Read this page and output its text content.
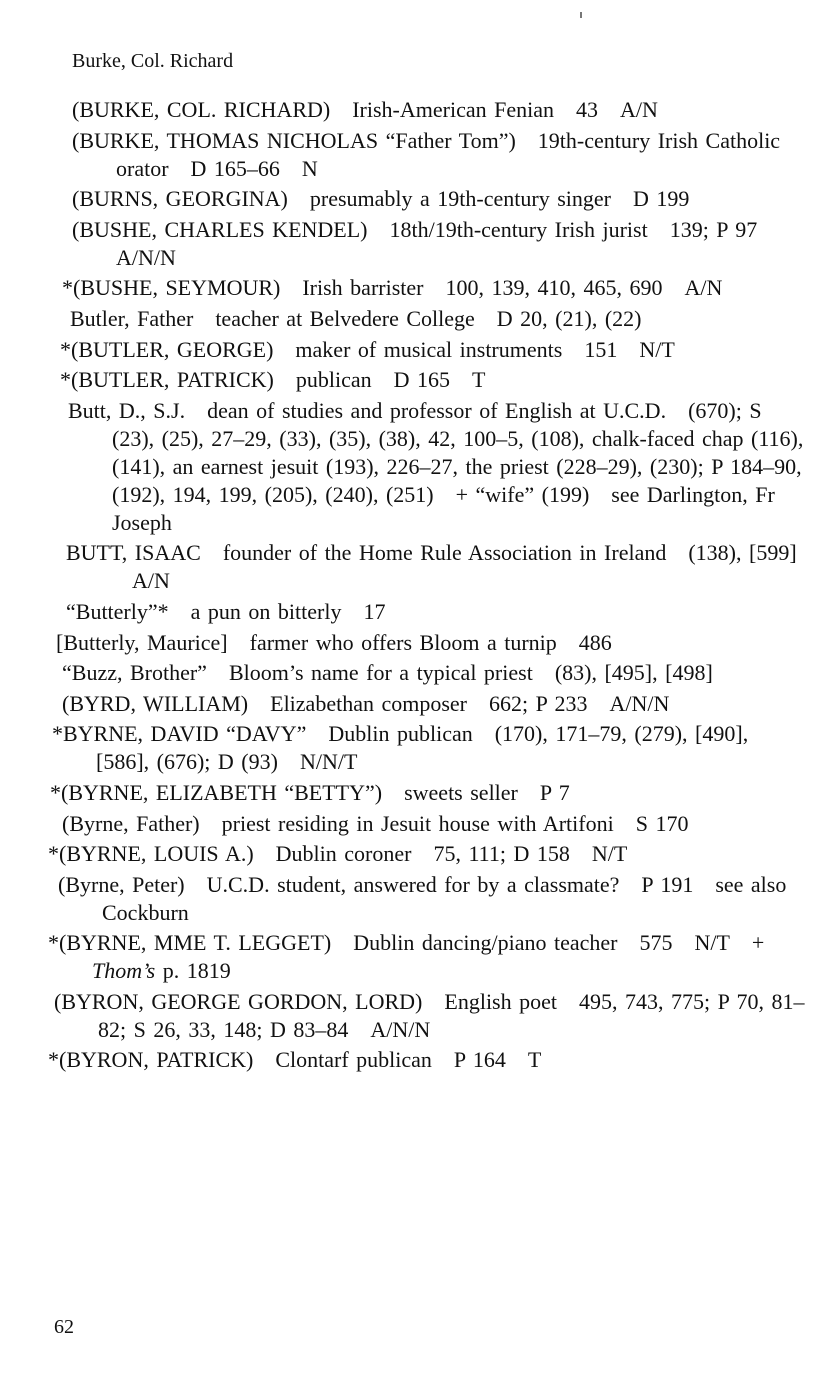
Burke, Col. Richard
(BURKE, COL. RICHARD) Irish-American Fenian 43 A/N
(BURKE, THOMAS NICHOLAS “Father Tom”) 19th-century Irish Catholic orator D 165–66 N
(BURNS, GEORGINA) presumably a 19th-century singer D 199
(BUSHE, CHARLES KENDEL) 18th/19th-century Irish jurist 139; P 97A/N/N
*(BUSHE, SEYMOUR) Irish barrister 100, 139, 410, 465, 690 A/N
Butler, Father teacher at Belvedere College D 20, (21), (22)
*(BUTLER, GEORGE) maker of musical instruments 151 N/T
*(BUTLER, PATRICK) publican D 165 T
Butt, D., S.J. dean of studies and professor of English at U.C.D. (670); S (23), (25), 27–29, (33), (35), (38), 42, 100–5, (108), chalk-faced chap (116), (141), an earnest jesuit (193), 226–27, the priest (228–29), (230); P 184–90, (192), 194, 199, (205), (240), (251) + “wife” (199) see Darlington, Fr Joseph
BUTT, ISAAC founder of the Home Rule Association in Ireland (138), [599]A/N
“Butterly”* a pun on bitterly 17
[Butterly, Maurice] farmer who offers Bloom a turnip 486
“Buzz, Brother” Bloom’s name for a typical priest (83), [495], [498]
(BYRD, WILLIAM) Elizabethan composer 662; P 233 A/N/N
*BYRNE, DAVID “DAVY” Dublin publican (170), 171–79, (279), [490], [586], (676); D (93) N/N/T
*(BYRNE, ELIZABETH “BETTY”) sweets seller P 7
(Byrne, Father) priest residing in Jesuit house with Artifoni S 170
*(BYRNE, LOUIS A.) Dublin coroner 75, 111; D 158 N/T
(Byrne, Peter) U.C.D. student, answered for by a classmate? P 191 see also Cockburn
*(BYRNE, MME T. LEGGET) Dublin dancing/piano teacher 575 N/T + Thom’s p. 1819
(BYRON, GEORGE GORDON, LORD) English poet 495, 743, 775; P 70, 81–82; S 26, 33, 148; D 83–84 A/N/N
*(BYRON, PATRICK) Clontarf publican P 164 T
62
